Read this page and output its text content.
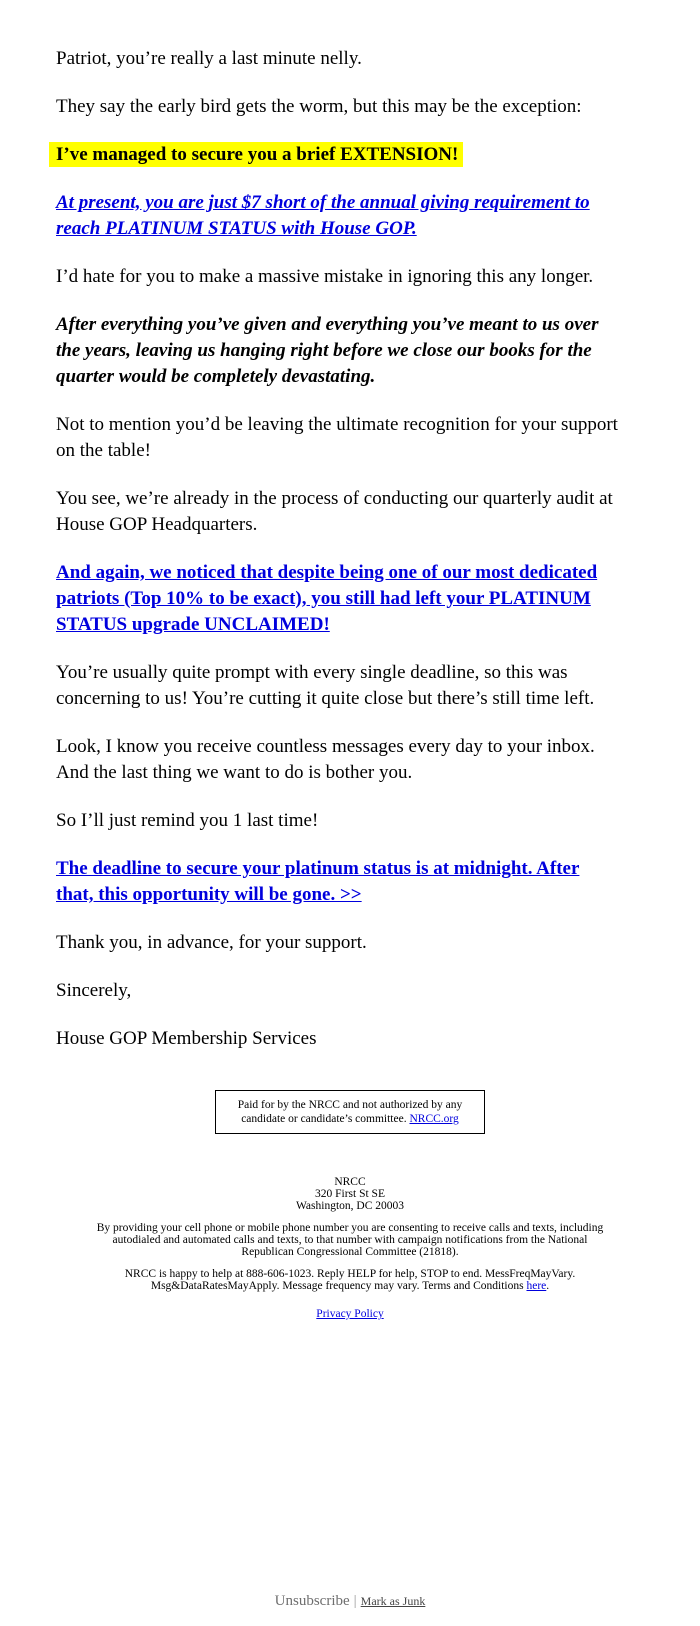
Patriot, you’re really a last minute nelly.

They say the early bird gets the worm, but this may be the exception:

I’ve managed to secure you a brief EXTENSION!

At present, you are just $7 short of the annual giving requirement to reach PLATINUM STATUS with House GOP.

I’d hate for you to make a massive mistake in ignoring this any longer.

After everything you’ve given and everything you’ve meant to us over the years, leaving us hanging right before we close our books for the quarter would be completely devastating.

Not to mention you’d be leaving the ultimate recognition for your support on the table!

You see, we’re already in the process of conducting our quarterly audit at House GOP Headquarters.

And again, we noticed that despite being one of our most dedicated patriots (Top 10% to be exact), you still had left your PLATINUM STATUS upgrade UNCLAIMED!

You’re usually quite prompt with every single deadline, so this was concerning to us! You’re cutting it quite close but there’s still time left.

Look, I know you receive countless messages every day to your inbox. And the last thing we want to do is bother you.

So I’ll just remind you 1 last time!

The deadline to secure your platinum status is at midnight. After that, this opportunity will be gone. >>

Thank you, in advance, for your support.

Sincerely,

House GOP Membership Services

Paid for by the NRCC and not authorized by any candidate or candidate’s committee. NRCC.org
NRCC
320 First St SE
Washington, DC 20003
By providing your cell phone or mobile phone number you are consenting to receive calls and texts, including autodialed and automated calls and texts, to that number with campaign notifications from the National Republican Congressional Committee (21818).
NRCC is happy to help at 888-606-1023. Reply HELP for help, STOP to end. MessFreqMayVary. Msg&DataRatesMayApply. Message frequency may vary. Terms and Conditions here.
Privacy Policy
Unsubscribe | Mark as Junk
